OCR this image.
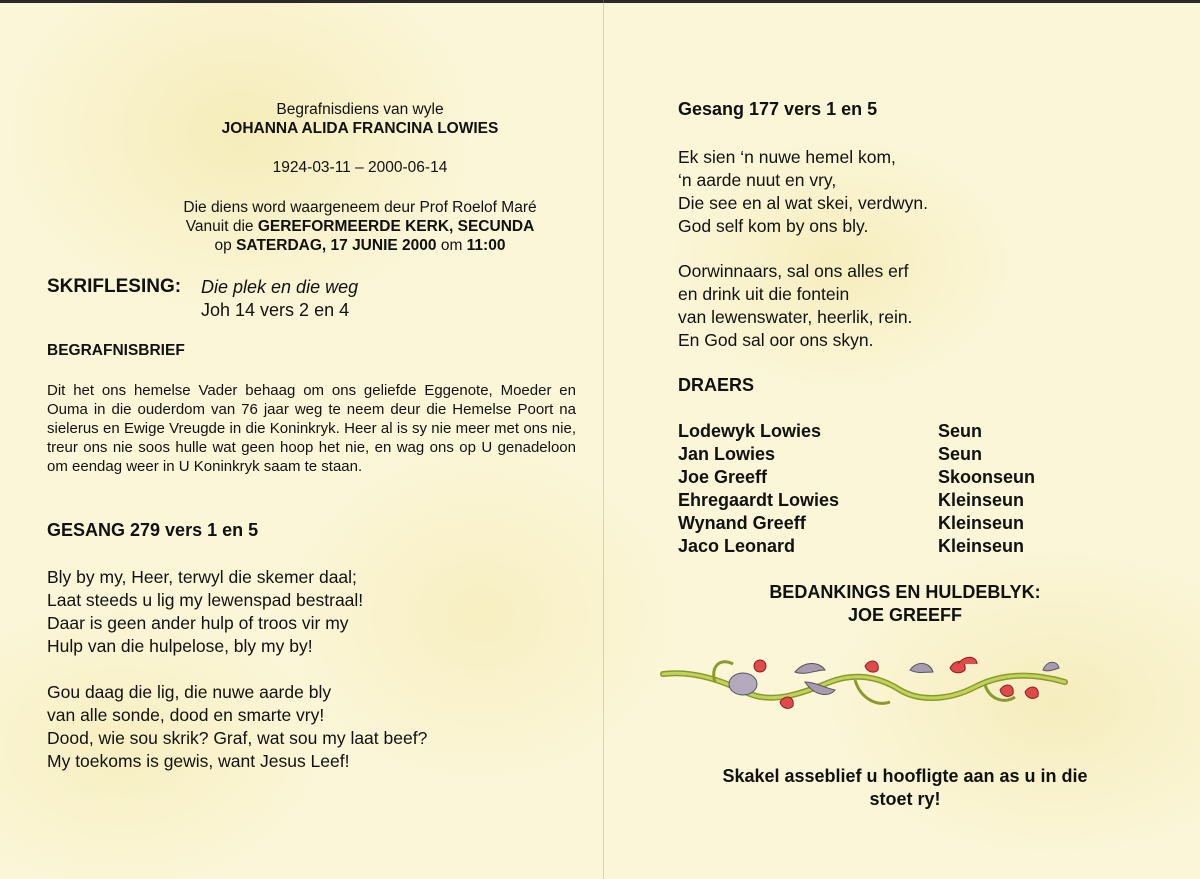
Begrafnisdiens van wyle
JOHANNA ALIDA FRANCINA LOWIES
1924-03-11 – 2000-06-14
Die diens word waargeneem deur Prof Roelof Maré
Vanuit die GEREFORMEERDE KERK, SECUNDA
op SATERDAG, 17 JUNIE 2000 om 11:00
SKRIFLESING: Die plek en die weg
Joh 14 vers 2 en 4
BEGRAFNISBRIEF
Dit het ons hemelse Vader behaag om ons geliefde Eggenote, Moeder en Ouma in die ouderdom van 76 jaar weg te neem deur die Hemelse Poort na sielerus en Ewige Vreugde in die Koninkryk. Heer al is sy nie meer met ons nie, treur ons nie soos hulle wat geen hoop het nie, en wag ons op U genadeloon om eendag weer in U Koninkryk saam te staan.
GESANG 279 vers 1 en 5
Bly by my, Heer, terwyl die skemer daal;
Laat steeds u lig my lewenspad bestraal!
Daar is geen ander hulp of troos vir my
Hulp van die hulpelose, bly my by!
Gou daag die lig, die nuwe aarde bly
van alle sonde, dood en smarte vry!
Dood, wie sou skrik? Graf, wat sou my laat beef?
My toekoms is gewis, want Jesus Leef!
Gesang 177 vers 1 en 5
Ek sien ‘n nuwe hemel kom,
‘n aarde nuut en vry,
Die see en al wat skei, verdwyn.
God self kom by ons bly.
Oorwinnaars, sal ons alles erf
en drink uit die fontein
van lewenswater, heerlik, rein.
En God sal oor ons skyn.
DRAERS
Lodewyk Lowies	Seun
Jan Lowies	Seun
Joe Greeff	Skoonseun
Ehregaardt Lowies	Kleinseun
Wynand Greeff	Kleinseun
Jaco Leonard	Kleinseun
BEDANKINGS EN HULDEBLYK:
JOE GREEFF
Skakel asseblief u hoofligte aan as u in die
stoet ry!
